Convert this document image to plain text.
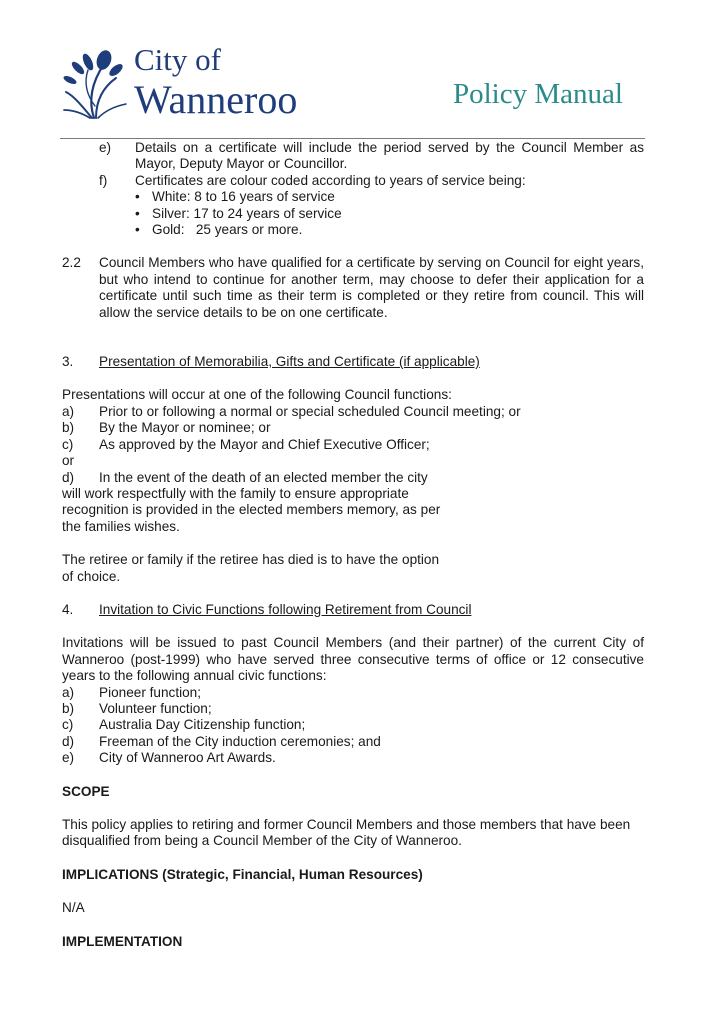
City of
Wanneroo	Policy Manual
e)	Details on a certificate will include the period served by the Council Member as Mayor, Deputy Mayor or Councillor.
f)	Certificates are colour coded according to years of service being:
• White: 8 to 16 years of service
• Silver: 17 to 24 years of service
• Gold:   25 years or more.
2.2	Council Members who have qualified for a certificate by serving on Council for eight years, but who intend to continue for another term, may choose to defer their application for a certificate until such time as their term is completed or they retire from council. This will allow the service details to be on one certificate.
3.	Presentation of Memorabilia, Gifts and Certificate (if applicable)
Presentations will occur at one of the following Council functions:
a)	Prior to or following a normal or special scheduled Council meeting; or
b)	By the Mayor or nominee; or
c)	As approved by the Mayor and Chief Executive Officer;
or
d)	In the event of the death of an elected member the city
will work respectfully with the family to ensure appropriate recognition is provided in the elected members memory, as per the families wishes.
The retiree or family if the retiree has died is to have the option of choice.
4.	Invitation to Civic Functions following Retirement from Council
Invitations will be issued to past Council Members (and their partner) of the current City of Wanneroo (post-1999) who have served three consecutive terms of office or 12 consecutive years to the following annual civic functions:
a)	Pioneer function;
b)	Volunteer function;
c)	Australia Day Citizenship function;
d)	Freeman of the City induction ceremonies; and
e)	City of Wanneroo Art Awards.
SCOPE
This policy applies to retiring and former Council Members and those members that have been disqualified from being a Council Member of the City of Wanneroo.
IMPLICATIONS (Strategic, Financial, Human Resources)
N/A
IMPLEMENTATION
